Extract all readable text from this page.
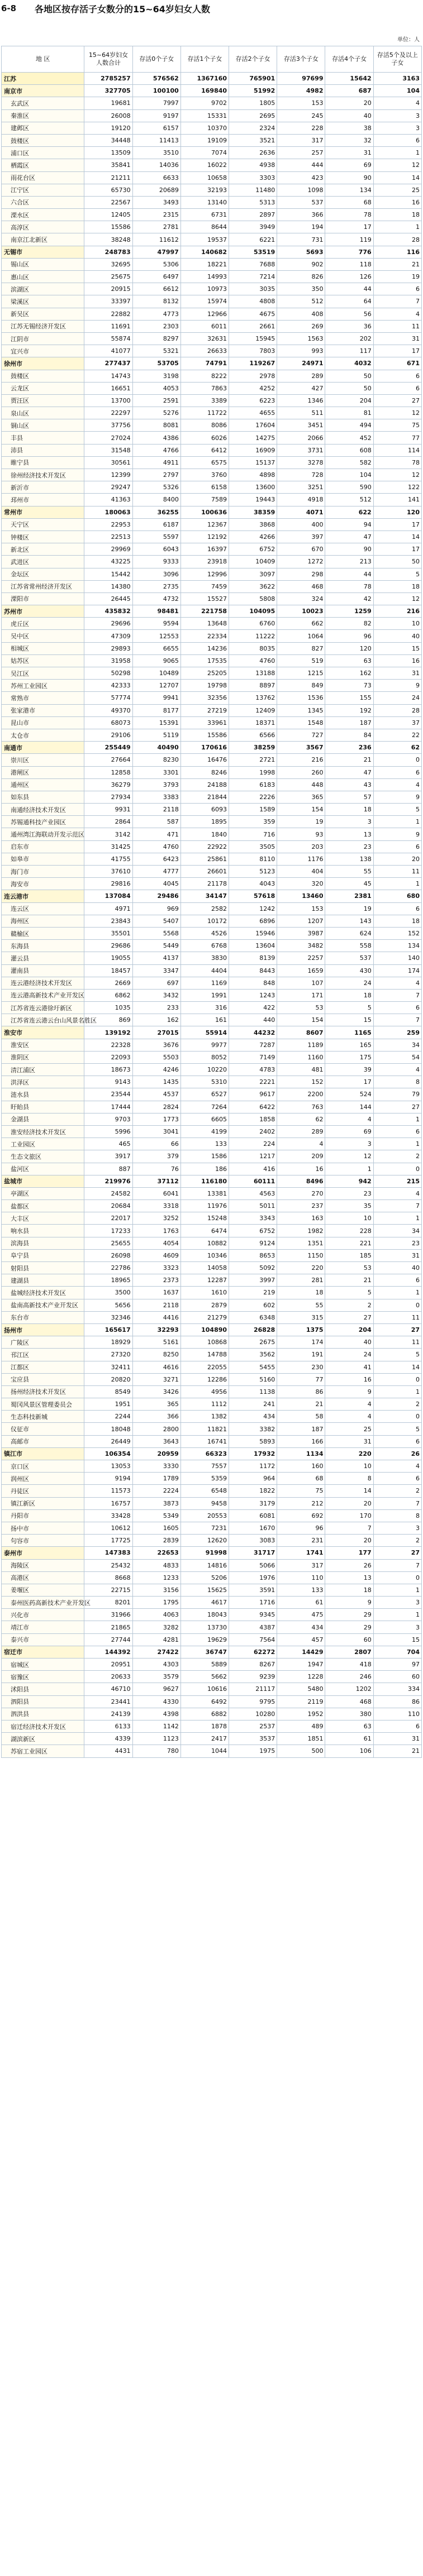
6-8	各地区按存活子女数分的15~64岁妇女人数
单位：人
地 区	15~64岁妇女人数合计	存活0个子女	存活1个子女	存活2个子女	存活3个子女	存活4个子女	存活5个及以上子女
江苏	2785257	576562	1367160	765901	97699	15642	3163
南京市	327705	100100	169840	51992	4982	687	104
玄武区	19681	7997	9702	1805	153	20	4
秦淮区	26008	9197	15331	2695	245	40	3
建邺区	19120	6157	10370	2324	228	38	3
鼓楼区	34448	11413	19109	3521	317	32	6
浦口区	13509	3510	7074	2636	257	31	1
栖霞区	35841	14036	16022	4938	444	69	12
雨花台区	21211	6633	10658	3303	423	90	14
江宁区	65730	20689	32193	11480	1098	134	25
六合区	22567	3493	13140	5313	537	68	16
溧水区	12405	2315	6731	2897	366	78	18
高淳区	15586	2781	8644	3949	194	17	1
南京江北新区	38248	11612	19537	6221	731	119	28
无锡市	248783	47997	140682	53519	5693	776	116
锡山区	32695	5306	18221	7688	902	118	21
惠山区	25675	6497	14993	7214	826	126	19
滨湖区	20915	6612	10973	3035	350	44	6
梁溪区	33397	8132	15974	4808	512	64	7
新吴区	22882	4773	12966	4675	408	56	4
江苏无锡经济开发区	11691	2303	6011	2661	269	36	11
江阴市	55874	8297	32631	15945	1563	202	31
宜兴市	41077	5321	26633	7803	993	117	17
徐州市	277437	53705	74791	119267	24971	4032	671
鼓楼区	14743	3198	8222	2978	289	50	6
云龙区	16651	4053	7863	4252	427	50	6
贾汪区	13700	2591	3389	6223	1346	204	27
泉山区	22297	5276	11722	4655	511	81	12
铜山区	37756	8081	8086	17604	3451	494	75
丰县	27024	4386	6026	14275	2066	452	77
沛县	31548	4766	6412	16909	3731	608	114
睢宁县	30561	4911	6575	15137	3278	582	78
徐州经济技术开发区	12399	2797	3760	4898	728	104	12
新沂市	29247	5326	6158	13600	3251	590	122
邳州市	41363	8400	7589	19443	4918	512	141
常州市	180063	36255	100636	38359	4071	622	120
天宁区	22953	6187	12367	3868	400	94	17
钟楼区	22513	5597	12192	4266	397	47	14
新北区	29969	6043	16397	6752	670	90	17
武进区	43225	9333	23918	10409	1272	213	50
金坛区	15442	3096	12996	3097	298	44	5
江苏省常州经济开发区	14380	2735	7459	3622	468	78	18
溧阳市	26445	4732	15527	5808	324	42	12
苏州市	435832	98481	221758	104095	10023	1259	216
虎丘区	29696	9594	13648	6760	662	82	10
吴中区	47309	12553	22334	11222	1064	96	40
相城区	29893	6655	14236	8035	827	120	15
姑苏区	31958	9065	17535	4760	519	63	16
吴江区	50298	10489	25205	13188	1215	162	31
苏州工业园区	42333	12707	19798	8897	849	73	9
常熟市	57774	9941	32356	13762	1536	155	24
张家港市	49370	8177	27219	12409	1345	192	28
昆山市	68073	15391	33961	18371	1548	187	37
太仓市	29106	5119	15586	6566	727	84	22
南通市	255449	40490	170616	38259	3567	236	62
崇川区	27664	8230	16476	2721	216	21	0
港闸区	12858	3301	8246	1998	260	47	6
通州区	36279	3793	24188	6183	448	43	4
如东县	27934	3383	21844	2226	365	57	9
南通经济技术开发区	9931	2118	6093	1589	154	18	5
苏锡通科技产业园区	2864	587	1895	359	19	3	1
通州湾江海联动开发示范区	3142	471	1840	716	93	13	9
启东市	31425	4760	22922	3505	203	23	6
如皋市	41755	6423	25861	8110	1176	138	20
海门市	37610	4777	26601	5123	404	55	11
海安市	29816	4045	21178	4043	320	45	1
连云港市	137084	29486	34147	57618	13460	2381	680
连云区	4971	969	2582	1242	153	19	6
海州区	23843	5407	10172	6896	1207	143	18
赣榆区	35501	5568	4526	15946	3987	624	152
东海县	29686	5449	6768	13604	3482	558	134
灌云县	19055	4137	3830	8139	2257	537	140
灌南县	18457	3347	4404	8443	1659	430	174
连云港经济技术开发区	2669	697	1169	848	107	24	4
连云港高新技术产业开发区	6862	3432	1991	1243	171	18	7
江苏省连云港徐圩新区	1035	233	316	422	53	5	6
江苏省连云港云台山风景名胜区	869	162	161	440	154	15	7
淮安市	139192	27015	55914	44232	8607	1165	259
淮安区	22328	3676	9977	7287	1189	165	34
淮阴区	22093	5503	8052	7149	1160	175	54
清江浦区	18673	4246	10220	4783	481	39	4
洪泽区	9143	1435	5310	2221	152	17	8
涟水县	23544	4537	6527	9617	2200	524	79
盱眙县	17444	2824	7264	6422	763	144	27
金湖县	9703	1773	6605	1858	62	4	1
淮安经济技术开发区	5996	3041	4199	2402	289	69	6
工业园区	465	66	133	224	4	3	1
生态文旅区	3917	379	1586	1217	209	12	2
盐河区	887	76	186	416	16	1	0
盐城市	219976	37112	116180	60111	8496	942	215
亭湖区	24582	6041	13381	4563	270	23	4
盐都区	20684	3318	11976	5011	237	35	7
大丰区	22017	3252	15248	3343	163	10	1
响水县	17233	1763	6474	6752	1982	228	34
滨海县	25655	4054	10882	9124	1351	221	23
阜宁县	26098	4609	10346	8653	1150	185	31
射阳县	22786	3323	14058	5092	220	53	40
建湖县	18965	2373	12287	3997	281	21	6
盐城经济技术开发区	3500	1637	1610	219	18	5	1
盐南高新技术产业开发区	5656	2118	2879	602	55	2	0
东台市	32346	4416	21279	6348	315	27	11
扬州市	165617	32293	104890	26828	1375	204	27
广陵区	18929	5161	10868	2675	174	40	11
邗江区	27320	8250	14788	3562	191	24	5
江都区	32411	4616	22055	5455	230	41	14
宝应县	20820	3271	12286	5160	77	16	0
扬州经济技术开发区	8549	3426	4956	1138	86	9	1
蜀冈风景区管理委员会	1951	365	1112	241	21	4	2
生态科技新城	2244	366	1382	434	58	4	0
仪征市	18048	2800	11821	3382	187	25	5
高邮市	26449	3643	16741	5893	166	31	6
镇江市	106354	20959	66323	17932	1134	220	26
京口区	13053	3330	7557	1172	160	10	4
润州区	9194	1789	5359	964	68	8	6
丹徒区	11573	2224	6548	1822	75	14	2
镇江新区	16757	3873	9458	3179	212	20	7
丹阳市	33428	5349	20553	6081	692	170	8
扬中市	10612	1605	7231	1670	96	7	3
句容市	17725	2839	12620	3083	231	20	2
泰州市	147383	22653	91998	31717	1741	177	27
海陵区	25432	4833	14816	5066	317	26	7
高港区	8668	1233	5206	1976	110	13	0
姜堰区	22715	3156	15625	3591	133	18	1
泰州医药高新技术产业开发区	8201	1795	4617	1716	61	9	3
兴化市	31966	4063	18043	9345	475	29	1
靖江市	21865	3282	13730	4387	434	29	3
泰兴市	27744	4281	19629	7564	457	60	15
宿迁市	144392	27422	36747	62272	14429	2807	704
宿城区	20951	4303	5889	8267	1947	418	97
宿豫区	20633	3579	5662	9239	1228	246	60
沭阳县	46710	9627	10616	21117	5480	1202	334
泗阳县	23441	4330	6492	9795	2119	468	86
泗洪县	24139	4398	6882	10280	1952	380	110
宿迁经济技术开发区	6133	1142	1878	2537	489	63	6
湖滨新区	4339	1123	2417	3537	1851	61	31
苏宿工业园区	4431	780	1044	1975	500	106	21
